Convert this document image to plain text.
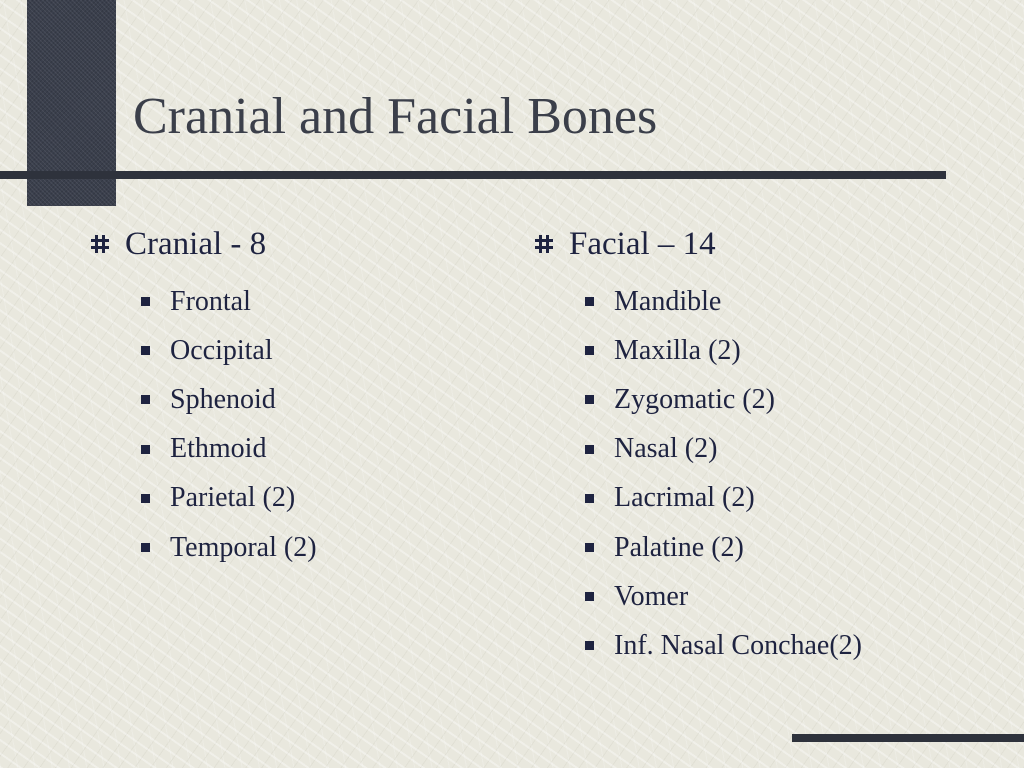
Cranial and Facial Bones
Cranial - 8
Frontal
Occipital
Sphenoid
Ethmoid
Parietal (2)
Temporal (2)
Facial – 14
Mandible
Maxilla (2)
Zygomatic (2)
Nasal (2)
Lacrimal (2)
Palatine (2)
Vomer
Inf. Nasal Conchae(2)
